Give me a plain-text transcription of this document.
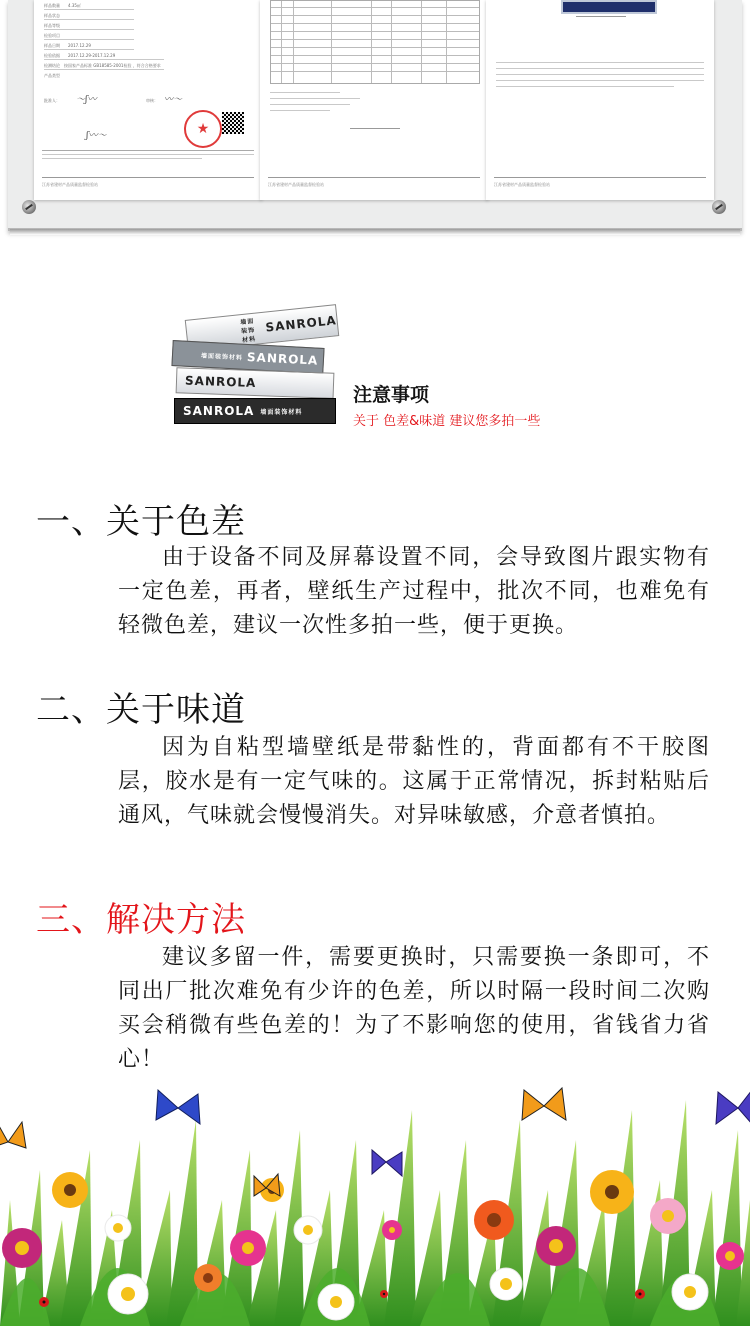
样品数量　　 4.35㎡
样品状态
样品等级
检验项目
样品日期　　 2017.12.29
检验依据　　 2017.12.29-2017.12.29
检测结论　 按国家产品标准 GB18585-2001检验 ，符合合格要求
产品类型
批准人： 〜ʃ〰	审核： 〰〜
★
ʃ〰〜
江苏省建材产品质量监督检验站	江苏省建材产品质量监督检验站	江苏省建材产品质量监督检验站
墙面装饰材料
SANROLA
墙面装饰材料 SANROLA
SANROLA
SANROLA 墙面装饰材料
注意事项
关于 色差&味道 建议您多拍一些
一、关于色差
由于设备不同及屏幕设置不同，会导致图片跟实物有一定色差，再者，壁纸生产过程中，批次不同，也难免有轻微色差，建议一次性多拍一些，便于更换。
二、关于味道
因为自粘型墙壁纸是带黏性的，背面都有不干胶图层，胶水是有一定气味的。这属于正常情况，拆封粘贴后通风，气味就会慢慢消失。对异味敏感，介意者慎拍。
三、解决方法
建议多留一件，需要更换时，只需要换一条即可，不同出厂批次难免有少许的色差，所以时隔一段时间二次购买会稍微有些色差的！为了不影响您的使用，省钱省力省心！
